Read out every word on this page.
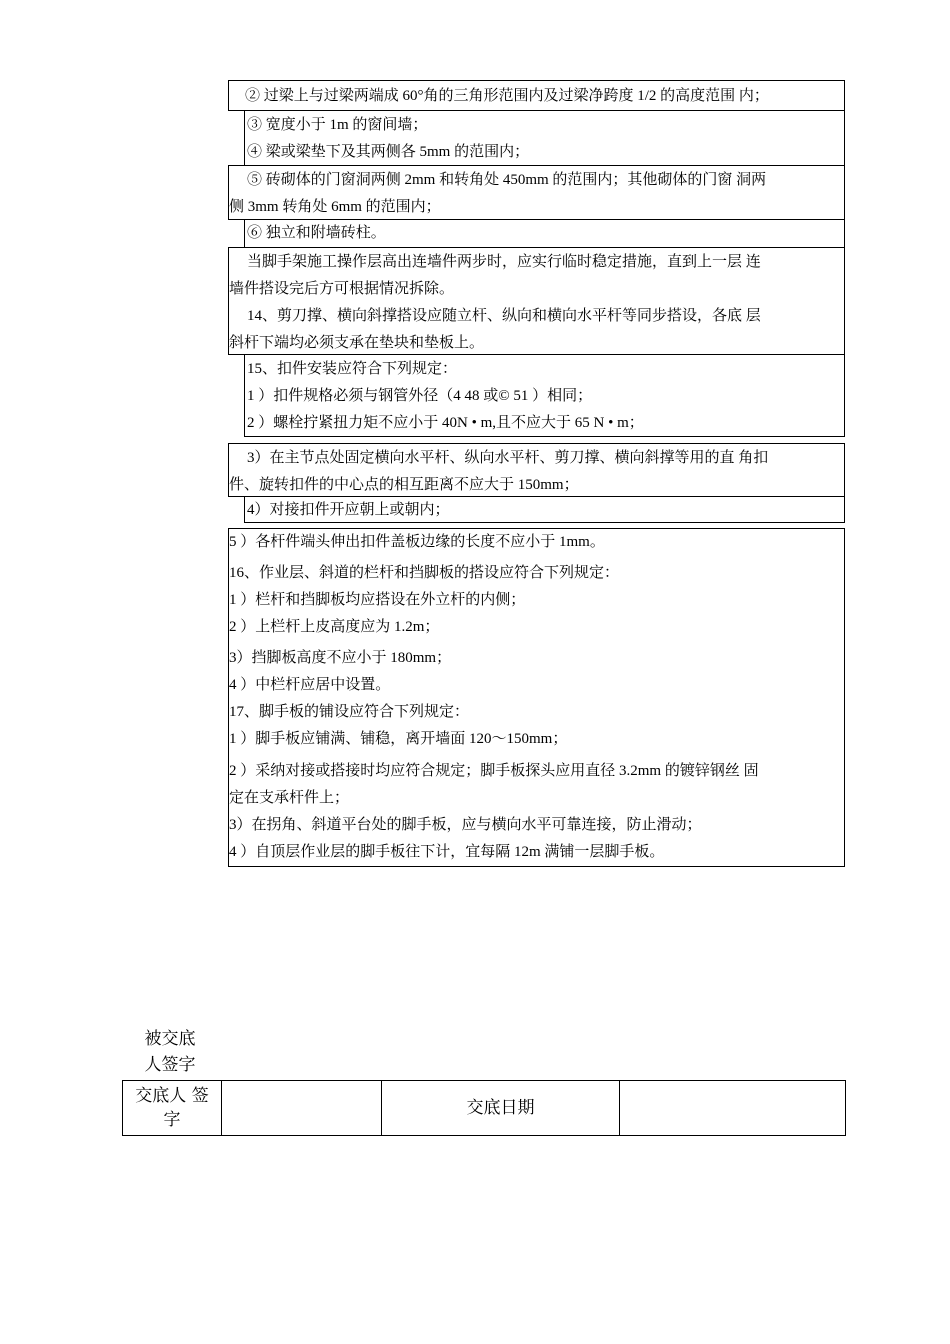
② 过梁上与过梁两端成 60°角的三角形范围内及过梁净跨度 1/2 的高度范围 内；
③ 宽度小于 1m 的窗间墙；
④ 梁或梁垫下及其两侧各 5mm 的范围内；
⑤ 砖砌体的门窗洞两侧 2mm 和转角处 450mm 的范围内；其他砌体的门窗 洞两
侧 3mm 转角处 6mm 的范围内；
⑥ 独立和附墙砖柱。
当脚手架施工操作层高出连墙件两步时，应实行临时稳定措施，直到上一层 连
墙件搭设完后方可根据情况拆除。
14、剪刀撑、横向斜撑搭设应随立杆、纵向和横向水平杆等同步搭设，各底 层
斜杆下端均必须支承在垫块和垫板上。
15、扣件安装应符合下列规定：
1 ）扣件规格必须与钢管外径（4 48 或© 51 ）相同；
2 ）螺栓拧紧扭力矩不应小于 40N • m,且不应大于 65 N • m；
3）在主节点处固定横向水平杆、纵向水平杆、剪刀撑、横向斜撑等用的直 角扣
件、旋转扣件的中心点的相互距离不应大于 150mm；
4）对接扣件开应朝上或朝内；
5 ）各杆件端头伸出扣件盖板边缘的长度不应小于 1mm。
16、作业层、斜道的栏杆和挡脚板的搭设应符合下列规定：
1 ）栏杆和挡脚板均应搭设在外立杆的内侧；
2 ）上栏杆上皮高度应为 1.2m；
3）挡脚板高度不应小于 180mm；
4 ）中栏杆应居中设置。
17、脚手板的铺设应符合下列规定：
1 ）脚手板应铺满、铺稳，离开墙面 120〜150mm；
2 ）采纳对接或搭接时均应符合规定；脚手板探头应用直径 3.2mm 的镀锌钢丝 固
定在支承杆件上；
3）在拐角、斜道平台处的脚手板，应与横向水平可靠连接，防止滑动；
4 ）自顶层作业层的脚手板往下计，宜每隔 12m 满铺一层脚手板。
被交底
人签字
交底人 签
字
		交底日期	
